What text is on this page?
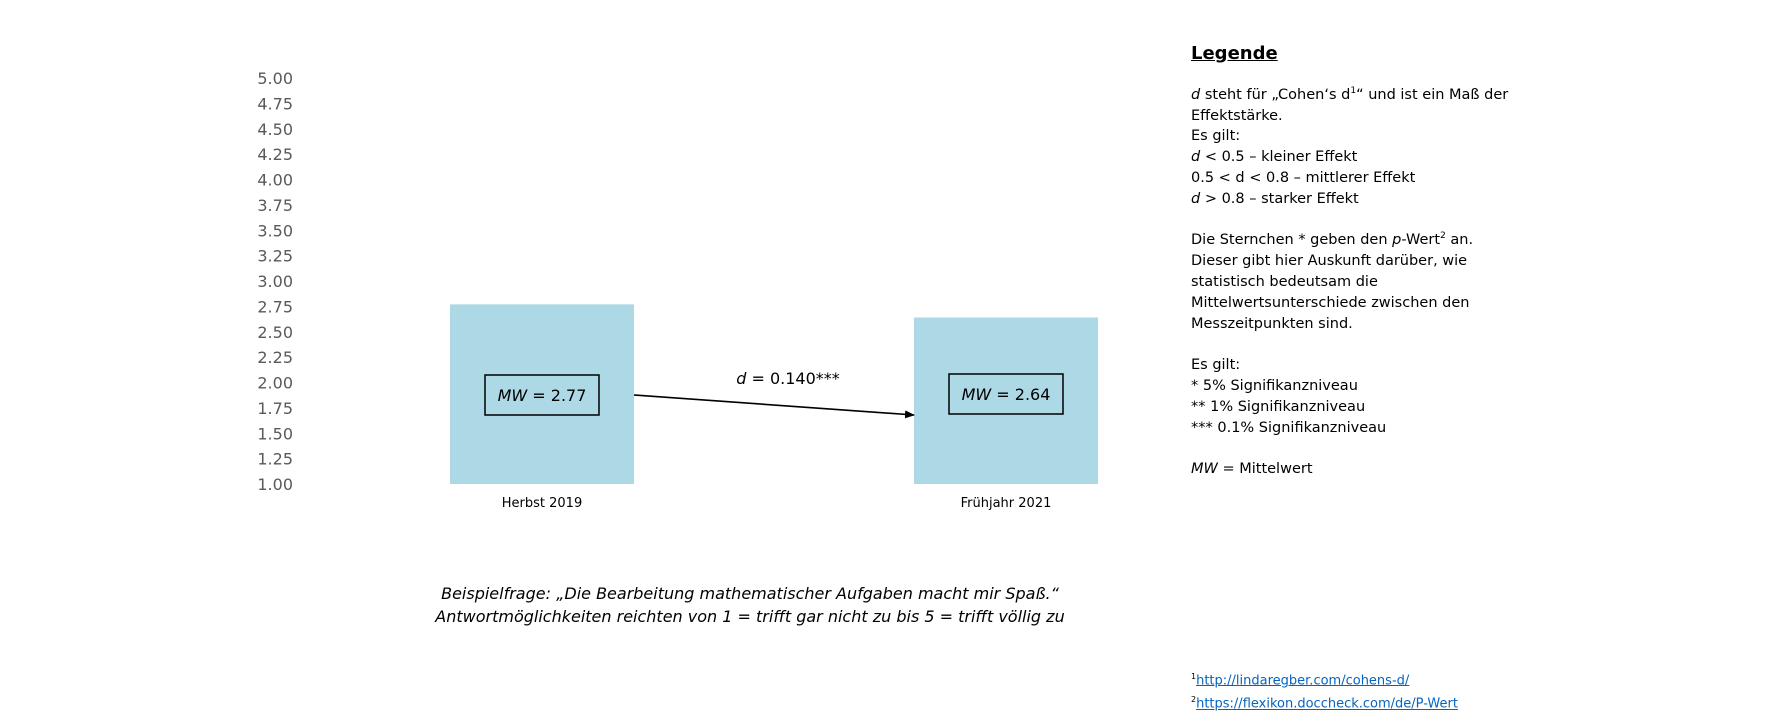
1.00
1.25
1.50
1.75
2.00
2.25
2.50
2.75
3.00
3.25
3.50
3.75
4.00
4.25
4.50
4.75
5.00
MW = 2.77	MW = 2.64
Herbst 2019	Frühjahr 2021
d = 0.140***
Beispielfrage: „Die Bearbeitung mathematischer Aufgaben macht mir Spaß.“
Antwortmöglichkeiten reichten von 1 = trifft gar nicht zu bis 5 = trifft völlig zu
Legende
d steht für „Cohen‘s $d^1“$ und ist ein Maß der
Effektstärke.
Es gilt:
d < 0.5 – kleiner Effekt
0.5 < d < 0.8 – mittlerer Effekt
d > 0.8 – starker Effekt
Die Sternchen * geben den p-Wert$^2$ an.
Dieser gibt hier Auskunft darüber, wie
statistisch bedeutsam die
Mittelwertsunterschiede zwischen den
Messzeitpunkten sind.
Es gilt:
* 5% Signifikanzniveau
** 1% Signifikanzniveau
*** 0.1% Signifikanzniveau
MW = Mittelwert
$^1$http://lindaregber.com/cohens-d/
$^2$https://flexikon.doccheck.com/de/P-Wert
